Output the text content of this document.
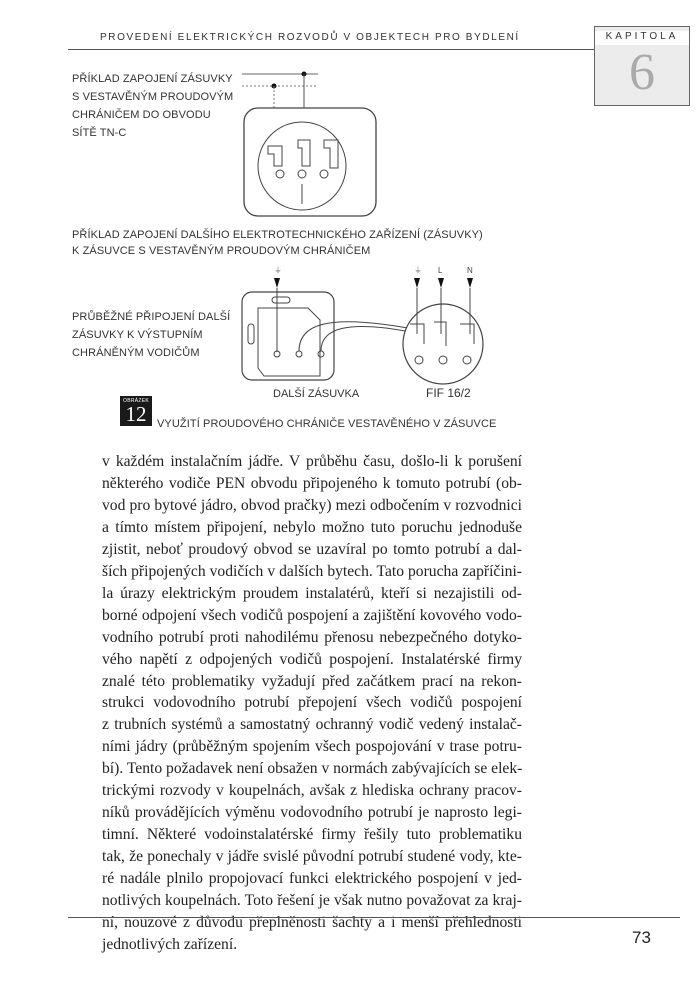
PROVEDENÍ ELEKTRICKÝCH ROZVODŮ V OBJEKTECH PRO BYDLENÍ	KAPITOLA
6
PŘÍKLAD ZAPOJENÍ ZÁSUVKY
S VESTAVĚNÝM PROUDOVÝM
CHRÁNIČEM DO OBVODU
SÍTĚ TN-C
PŘÍKLAD ZAPOJENÍ DALŠÍHO ELEKTROTECHNICKÉHO ZAŘÍZENÍ (ZÁSUVKY)
K ZÁSUVCE S VESTAVĚNÝM PROUDOVÝM CHRÁNIČEM
PRŮBĚŽNÉ PŘIPOJENÍ DALŠÍ
ZÁSUVKY K VÝSTUPNÍM
CHRÁNĚNÝM VODIČŮM
⏚	⏚ L	N
DALŠÍ ZÁSUVKA	FIF 16/2
OBRÁZEK
12 VYUŽITÍ PROUDOVÉHO CHRÁNIČE VESTAVĚNÉHO V ZÁSUVCE
v každém instalačním jádře. V průběhu času, došlo-li k porušení
některého vodiče PEN obvodu připojeného k tomuto potrubí (ob-
vod pro bytové jádro, obvod pračky) mezi odbočením v rozvodnici
a tímto místem připojení, nebylo možno tuto poruchu jednoduše
zjistit, neboť proudový obvod se uzavíral po tomto potrubí a dal-
ších připojených vodičích v dalších bytech. Tato porucha zapříčini-
la úrazy elektrickým proudem instalatérů, kteří si nezajistili od-
borné odpojení všech vodičů pospojení a zajištění kovového vodo-
vodního potrubí proti nahodilému přenosu nebezpečného dotyko-
vého napětí z odpojených vodičů pospojení. Instalatérské firmy
znalé této problematiky vyžadují před začátkem prací na rekon-
strukci vodovodního potrubí přepojení všech vodičů pospojení
z trubních systémů a samostatný ochranný vodič vedený instalač-
ními jádry (průběžným spojením všech pospojování v trase potru-
bí). Tento požadavek není obsažen v normách zabývajících se elek-
trickými rozvody v koupelnách, avšak z hlediska ochrany pracov-
níků provádějících výměnu vodovodního potrubí je naprosto legi-
timní. Některé vodoinstalatérské firmy řešily tuto problematiku
tak, že ponechaly v jádře svislé původní potrubí studené vody, kte-
ré nadále plnilo propojovací funkci elektrického pospojení v jed-
notlivých koupelnách. Toto řešení je však nutno považovat za kraj-
ní, nouzové z důvodu přeplněnosti šachty a i menší přehlednosti
jednotlivých zařízení.	73
